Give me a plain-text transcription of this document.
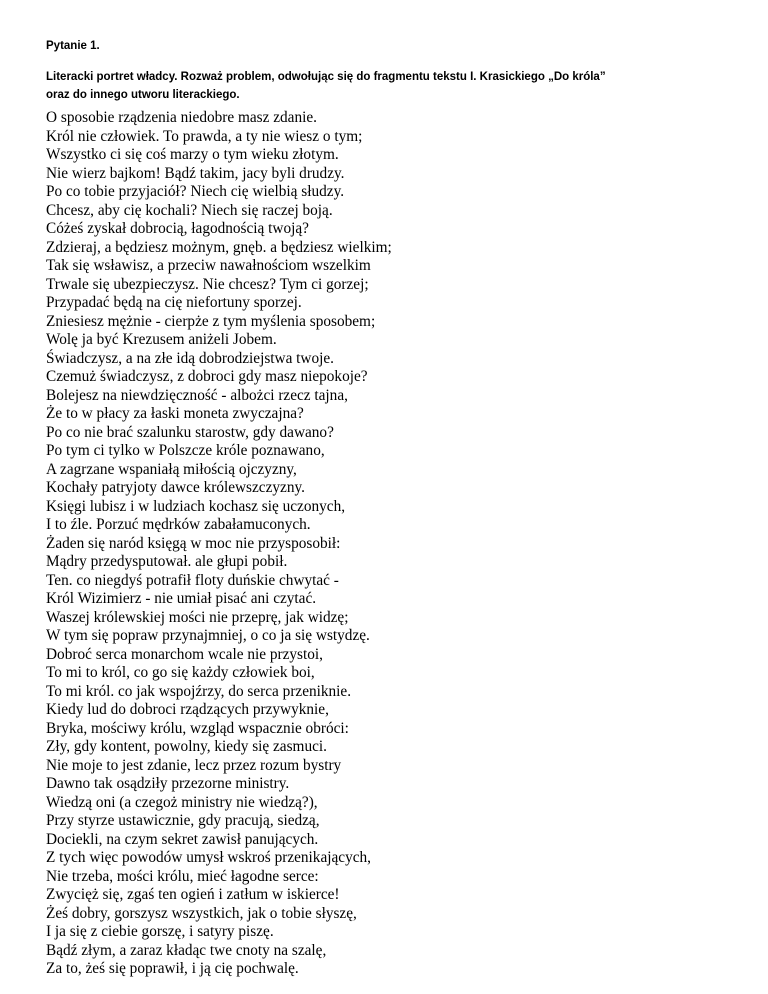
Pytanie 1.

Literacki portret władcy. Rozważ problem, odwołując się do fragmentu tekstu I. Krasickiego „Do króla”
oraz do innego utworu literackiego.

O sposobie rządzenia niedobre masz zdanie.
Król nie człowiek. To prawda, a ty nie wiesz o tym;
Wszystko ci się coś marzy o tym wieku złotym.
Nie wierz bajkom! Bądź takim, jacy byli drudzy.
Po co tobie przyjaciół? Niech cię wielbią słudzy.
Chcesz, aby cię kochali? Niech się raczej boją.
Cóżeś zyskał dobrocią, łagodnością twoją?
Zdzieraj, a będziesz możnym, gnęb. a będziesz wielkim;
Tak się wsławisz, a przeciw nawałnościom wszelkim
Trwale się ubezpieczysz. Nie chcesz? Tym ci gorzej;
Przypadać będą na cię niefortuny sporzej.
Zniesiesz mężnie - cierpże z tym myślenia sposobem;
Wolę ja być Krezusem aniżeli Jobem.
Świadczysz, a na złe idą dobrodziejstwa twoje.
Czemuż świadczysz, z dobroci gdy masz niepokoje?
Bolejesz na niewdzięczność - albożci rzecz tajna,
Że to w płacy za łaski moneta zwyczajna?
Po co nie brać szalunku starostw, gdy dawano?
Po tym ci tylko w Polszcze króle poznawano,
A zagrzane wspaniałą miłością ojczyzny,
Kochały patryjoty dawce królewszczyzny.
Księgi lubisz i w ludziach kochasz się uczonych,
I to źle. Porzuć mędrków zabałamuconych.
Żaden się naród księgą w moc nie przysposobił:
Mądry przedysputował. ale głupi pobił.
Ten. co niegdyś potrafił floty duńskie chwytać -
Król Wizimierz - nie umiał pisać ani czytać.
Waszej królewskiej mości nie przeprę, jak widzę;
W tym się popraw przynajmniej, o co ja się wstydzę.
Dobroć serca monarchom wcale nie przystoi,
To mi to król, co go się każdy człowiek boi,
To mi król. co jak wspojźrzy, do serca przeniknie.
Kiedy lud do dobroci rządzących przywyknie,
Bryka, mościwy królu, wzgląd wspacznie obróci:
Zły, gdy kontent, powolny, kiedy się zasmuci.
Nie moje to jest zdanie, lecz przez rozum bystry
Dawno tak osądziły przezorne ministry.
Wiedzą oni (a czegoż ministry nie wiedzą?),
Przy styrze ustawicznie, gdy pracują, siedzą,
Dociekli, na czym sekret zawisł panujących.
Z tych więc powodów umysł wskroś przenikających,
Nie trzeba, mości królu, mieć łagodne serce:
Zwycięż się, zgaś ten ogień i zatłum w iskierce!
Żeś dobry, gorszysz wszystkich, jak o tobie słyszę,
I ja się z ciebie gorszę, i satyry piszę.
Bądź złym, a zaraz kładąc twe cnoty na szalę,
Za to, żeś się poprawił, i ją cię pochwalę.
